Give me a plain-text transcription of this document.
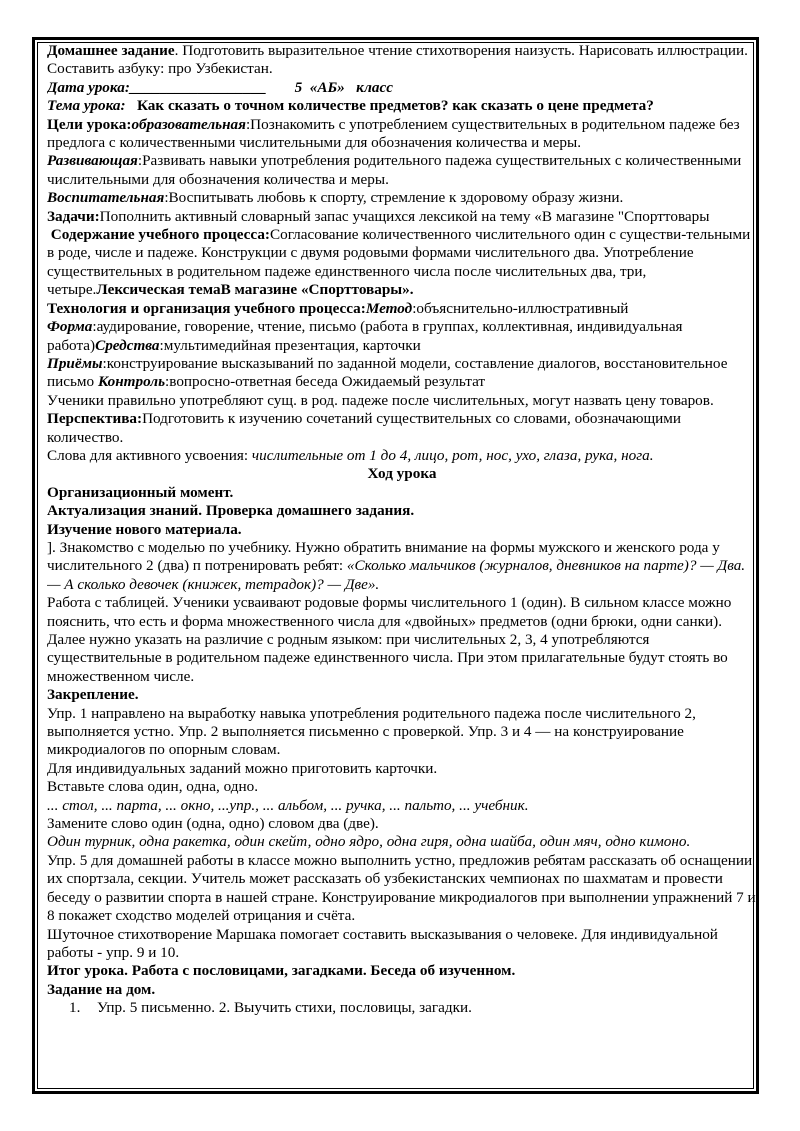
Домашнее задание. Подготовить выразительное чтение стихотворения наизусть. Нарисовать иллюстрации. Составить азбуку: про Узбекистан.

Дата урока:__________________ 5  «АБ»   класс

Тема урока:   Как сказать о точном количестве предметов? как сказать о цене предмета?

Цели урока:образовательная:Познакомить с употреблением существительных в родительном падеже без предлога с количественными числительными для обозначения количества и меры.

Развивающая:Развивать навыки употребления родительного падежа существительных с количественными числительными для обозначения количества и меры.

Воспитательная:Воспитывать любовь к спорту, стремление к здоровому образу жизни.

Задачи:Пополнить активный словарный запас учащихся лексикой на тему «В магазине "Спорттовары

Содержание учебного процесса:Согласование количественного числительного один с существи-тельными в роде, числе и падеже. Конструкции с двумя родовыми формами числительного два. Употребление существительных в родительном падеже единственного числа после числительных два, три, четыре.Лексическая темаВ магазине «Спорттовары».

Технология и организация учебного процесса:Метод:объяснительно-иллюстративный

Форма:аудирование, говорение, чтение, письмо (работа в группах, коллективная, индивидуальная работа)Средства:мультимедийная презентация, карточки

Приёмы:конструирование высказываний по заданной модели, составление диалогов, восстановительное письмо Контроль:вопросно-ответная беседа Ожидаемый результат

Ученики правильно употребляют сущ. в род. падеже после числительных, могут назвать цену товаров.

Перспектива:Подготовить к изучению сочетаний существительных со словами, обозначающими количество.

Слова для активного усвоения: числительные от 1 до 4, лицо, рот, нос, ухо, глаза, рука, нога.

Ход урока

Организационный момент.

Актуализация знаний. Проверка домашнего задания.

Изучение нового материала.

]. Знакомство с моделью по учебнику. Нужно обратить внимание на формы мужского и женского рода у числительного 2 (два) п потренировать ребят: «Сколько мальчиков (журналов, дневников на парте)? — Два. — А сколько девочек (книжек, тетрадок)? — Две».

Работа с таблицей. Ученики усваивают родовые формы числительного 1 (один). В сильном классе можно пояснить, что есть и форма множественного числа для «двойных» предметов (одни брюки, одни санки). Далее нужно указать на различие с родным языком: при числительных 2, 3, 4 употребляются существительные в родительном падеже единственного числа. При этом прилагательные будут стоять во множественном числе.

Закрепление.

Упр. 1 направлено на выработку навыка употребления родительного падежа после числительного 2, выполняется устно. Упр. 2 выполняется письменно с проверкой. Упр. 3 и 4 — на конструирование микродиалогов по опорным словам.

Для индивидуальных заданий можно приготовить карточки.

Вставьте слова один, одна, одно.

... стол, ... парта, ... окно, ...упр., ... альбом, ... ручка, ... пальто, ... учебник.

Замените слово один (одна, одно) словом два (две).

Один турник, одна ракетка, один скейт, одно ядро, одна гиря, одна шайба, один мяч, одно кимоно.

Упр. 5 для домашней работы в классе можно выполнить устно, предложив ребятам рассказать об оснащении их спортзала, секции. Учитель может рассказать об узбекистанских чемпионах по шахматам и провести беседу о развитии спорта в нашей стране. Конструирование микродиалогов при выполнении упражнений 7 и 8 покажет сходство моделей отрицания и счёта.

Шуточное стихотворение Маршака помогает составить высказывания о человеке. Для индивидуальной работы - упр. 9 и 10.

Итог урока. Работа с пословицами, загадками. Беседа об изученном.

Задание на дом.

1. Упр. 5 письменно. 2. Выучить стихи, пословицы, загадки.
